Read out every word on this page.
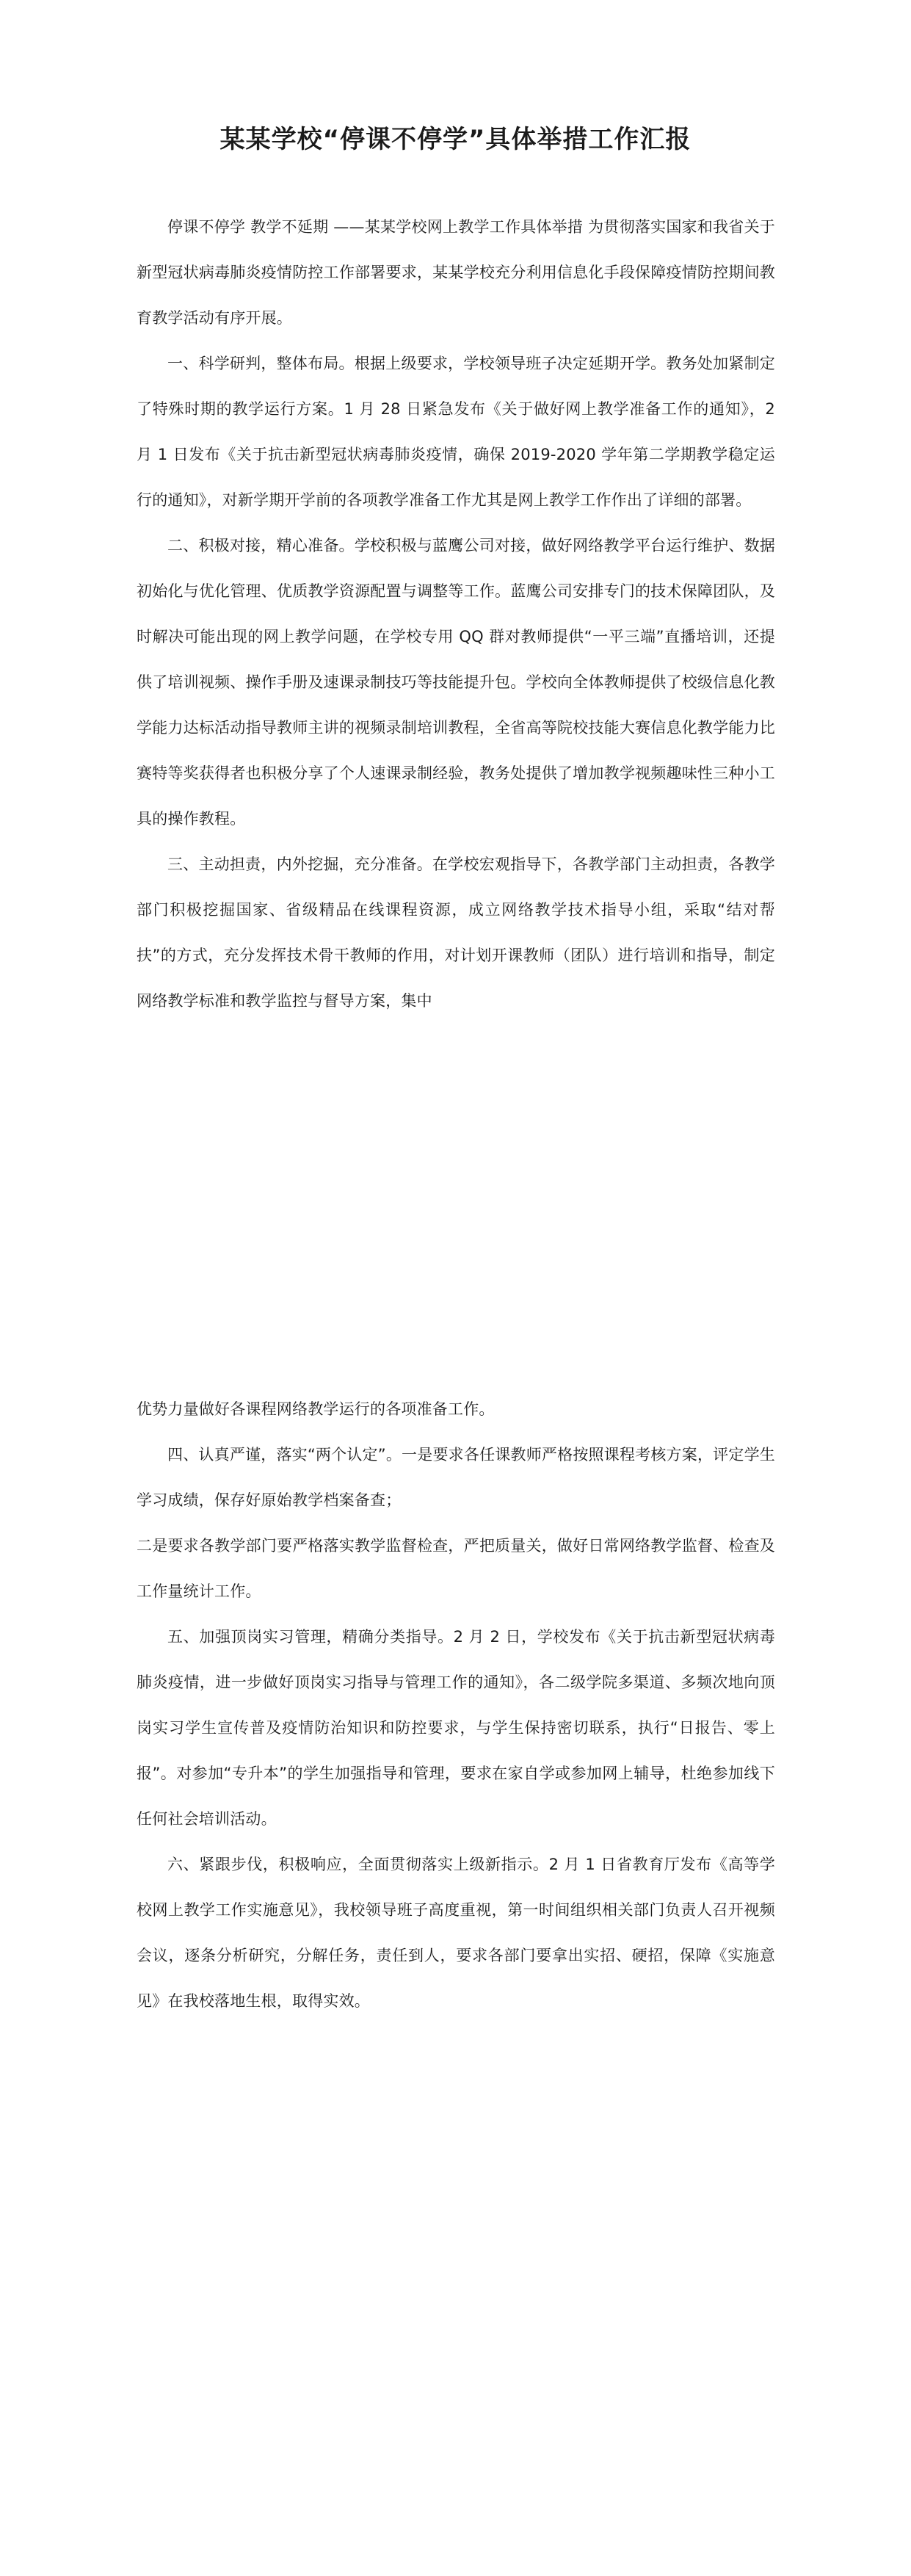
某某学校“停课不停学”具体举措工作汇报

停课不停学 教学不延期 ——某某学校网上教学工作具体举措 为贯彻落实国家和我省关于新型冠状病毒肺炎疫情防控工作部署要求，某某学校充分利用信息化手段保障疫情防控期间教育教学活动有序开展。

一、科学研判，整体布局。根据上级要求，学校领导班子决定延期开学。教务处加紧制定了特殊时期的教学运行方案。1 月 28 日紧急发布《关于做好网上教学准备工作的通知》，2 月 1 日发布《关于抗击新型冠状病毒肺炎疫情，确保 2019-2020 学年第二学期教学稳定运行的通知》，对新学期开学前的各项教学准备工作尤其是网上教学工作作出了详细的部署。

二、积极对接，精心准备。学校积极与蓝鹰公司对接，做好网络教学平台运行维护、数据初始化与优化管理、优质教学资源配置与调整等工作。蓝鹰公司安排专门的技术保障团队，及时解决可能出现的网上教学问题，在学校专用 QQ 群对教师提供“一平三端”直播培训，还提供了培训视频、操作手册及速课录制技巧等技能提升包。学校向全体教师提供了校级信息化教学能力达标活动指导教师主讲的视频录制培训教程，全省高等院校技能大赛信息化教学能力比赛特等奖获得者也积极分享了个人速课录制经验，教务处提供了增加教学视频趣味性三种小工具的操作教程。

三、主动担责，内外挖掘，充分准备。在学校宏观指导下，各教学部门主动担责，各教学部门积极挖掘国家、省级精品在线课程资源，成立网络教学技术指导小组，采取“结对帮扶”的方式，充分发挥技术骨干教师的作用，对计划开课教师（团队）进行培训和指导，制定网络教学标准和教学监控与督导方案，集中

优势力量做好各课程网络教学运行的各项准备工作。

四、认真严谨，落实“两个认定”。一是要求各任课教师严格按照课程考核方案，评定学生学习成绩，保存好原始教学档案备查；

二是要求各教学部门要严格落实教学监督检查，严把质量关，做好日常网络教学监督、检查及工作量统计工作。

五、加强顶岗实习管理，精确分类指导。2 月 2 日，学校发布《关于抗击新型冠状病毒肺炎疫情，进一步做好顶岗实习指导与管理工作的通知》，各二级学院多渠道、多频次地向顶岗实习学生宣传普及疫情防治知识和防控要求，与学生保持密切联系，执行“日报告、零上报”。对参加“专升本”的学生加强指导和管理，要求在家自学或参加网上辅导，杜绝参加线下任何社会培训活动。

六、紧跟步伐，积极响应，全面贯彻落实上级新指示。2 月 1 日省教育厅发布《高等学校网上教学工作实施意见》，我校领导班子高度重视，第一时间组织相关部门负责人召开视频会议，逐条分析研究，分解任务，责任到人，要求各部门要拿出实招、硬招，保障《实施意见》在我校落地生根，取得实效。
